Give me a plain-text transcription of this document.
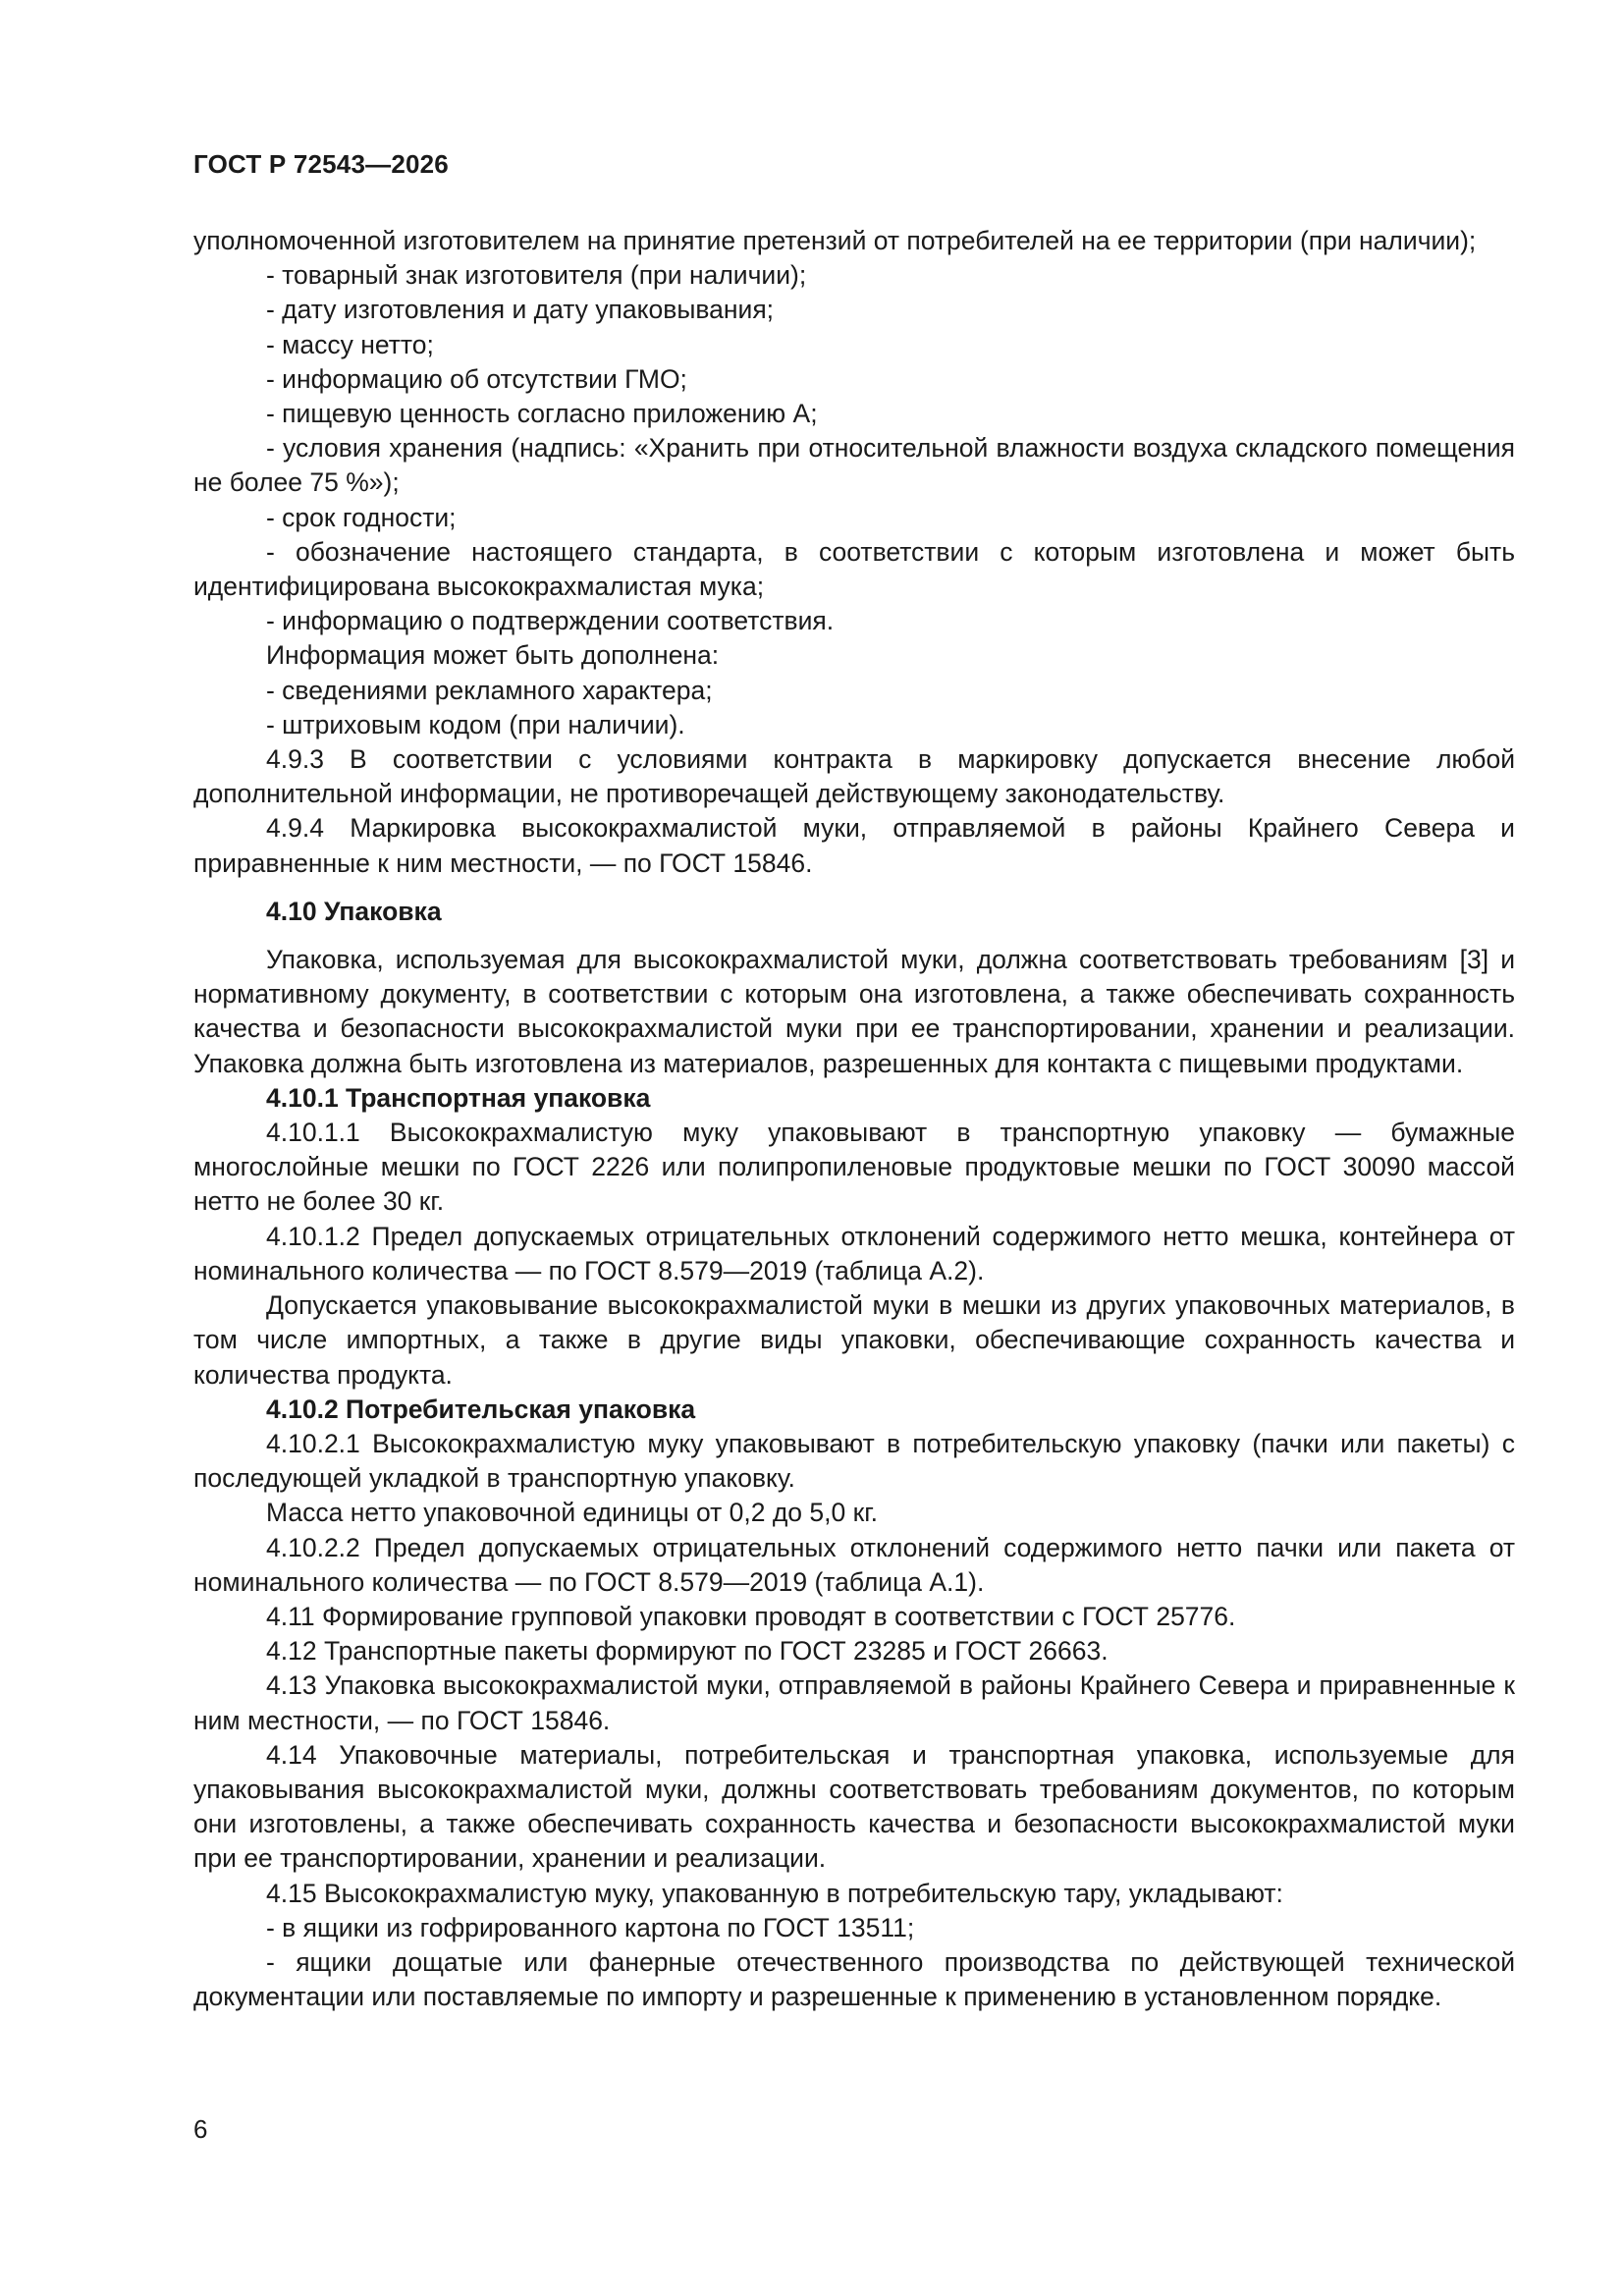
ГОСТ Р 72543—2026

уполномоченной изготовителем на принятие претензий от потребителей на ее территории (при наличии);

- товарный знак изготовителя (при наличии);

- дату изготовления и дату упаковывания;

- массу нетто;

- информацию об отсутствии ГМО;

- пищевую ценность согласно приложению А;

- условия хранения (надпись: «Хранить при относительной влажности воздуха складского помещения не более 75 %»);

- срок годности;

- обозначение настоящего стандарта, в соответствии с которым изготовлена и может быть идентифицирована высококрахмалистая мука;

- информацию о подтверждении соответствия.

Информация может быть дополнена:

- сведениями рекламного характера;

- штриховым кодом (при наличии).

4.9.3 В соответствии с условиями контракта в маркировку допускается внесение любой дополнительной информации, не противоречащей действующему законодательству.

4.9.4 Маркировка высококрахмалистой муки, отправляемой в районы Крайнего Севера и приравненные к ним местности, — по ГОСТ 15846.

4.10 Упаковка

Упаковка, используемая для высококрахмалистой муки, должна соответствовать требованиям [3] и нормативному документу, в соответствии с которым она изготовлена, а также обеспечивать сохранность качества и безопасности высококрахмалистой муки при ее транспортировании, хранении и реализации. Упаковка должна быть изготовлена из материалов, разрешенных для контакта с пищевыми продуктами.

4.10.1 Транспортная упаковка

4.10.1.1 Высококрахмалистую муку упаковывают в транспортную упаковку — бумажные многослойные мешки по ГОСТ 2226 или полипропиленовые продуктовые мешки по ГОСТ 30090 массой нетто не более 30 кг.

4.10.1.2 Предел допускаемых отрицательных отклонений содержимого нетто мешка, контейнера от номинального количества — по ГОСТ 8.579—2019 (таблица А.2).

Допускается упаковывание высококрахмалистой муки в мешки из других упаковочных материалов, в том числе импортных, а также в другие виды упаковки, обеспечивающие сохранность качества и количества продукта.

4.10.2 Потребительская упаковка

4.10.2.1 Высококрахмалистую муку упаковывают в потребительскую упаковку (пачки или пакеты) с последующей укладкой в транспортную упаковку.

Масса нетто упаковочной единицы от 0,2 до 5,0 кг.

4.10.2.2 Предел допускаемых отрицательных отклонений содержимого нетто пачки или пакета от номинального количества — по ГОСТ 8.579—2019 (таблица А.1).

4.11 Формирование групповой упаковки проводят в соответствии с ГОСТ 25776.

4.12 Транспортные пакеты формируют по ГОСТ 23285 и ГОСТ 26663.

4.13 Упаковка высококрахмалистой муки, отправляемой в районы Крайнего Севера и приравненные к ним местности, — по ГОСТ 15846.

4.14 Упаковочные материалы, потребительская и транспортная упаковка, используемые для упаковывания высококрахмалистой муки, должны соответствовать требованиям документов, по которым они изготовлены, а также обеспечивать сохранность качества и безопасности высококрахмалистой муки при ее транспортировании, хранении и реализации.

4.15 Высококрахмалистую муку, упакованную в потребительскую тару, укладывают:

- в ящики из гофрированного картона по ГОСТ 13511;

- ящики дощатые или фанерные отечественного производства по действующей технической документации или поставляемые по импорту и разрешенные к применению в установленном порядке.

6
